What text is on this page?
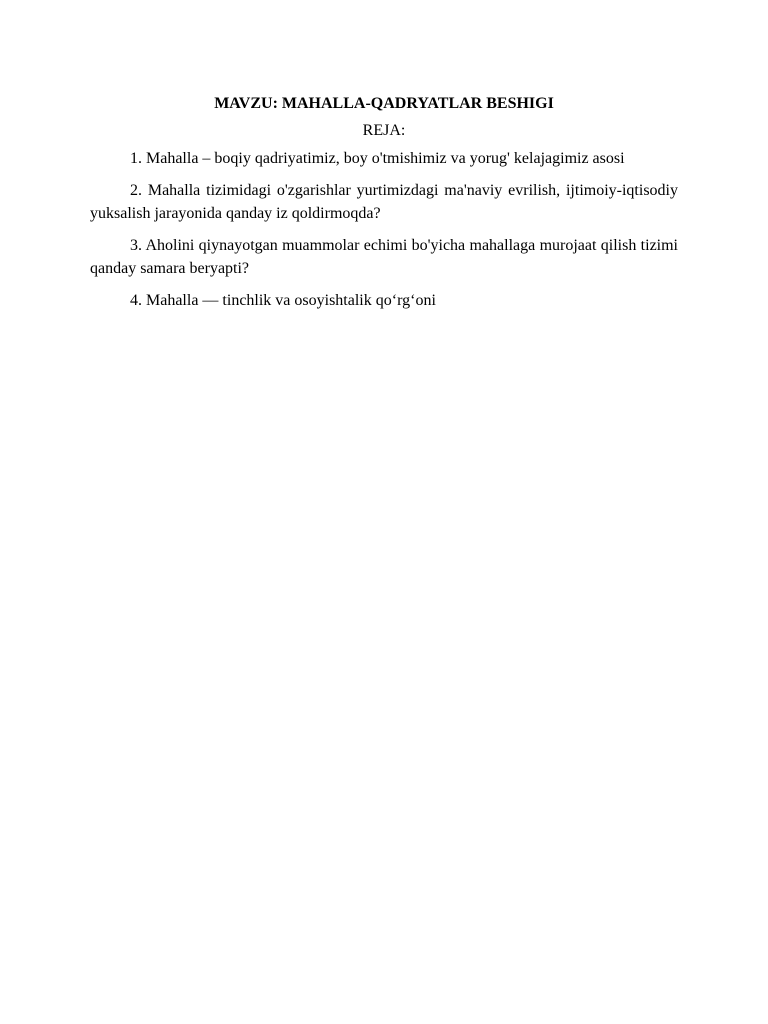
MAVZU: MAHALLA-QADRYATLAR BESHIGI
REJA:

1. Mahalla – boqiy qadriyatimiz, boy o'tmishimiz va yorug' kelajagimiz asosi

2. Mahalla tizimidagi o'zgarishlar yurtimizdagi ma'naviy evrilish, ijtimoiy-iqtisodiy yuksalish jarayonida qanday iz qoldirmoqda?

3. Aholini qiynayotgan muammolar echimi bo'yicha mahallaga murojaat qilish tizimi qanday samara beryapti?

4. Mahalla — tinchlik va osoyishtalik qo‘rg‘oni
